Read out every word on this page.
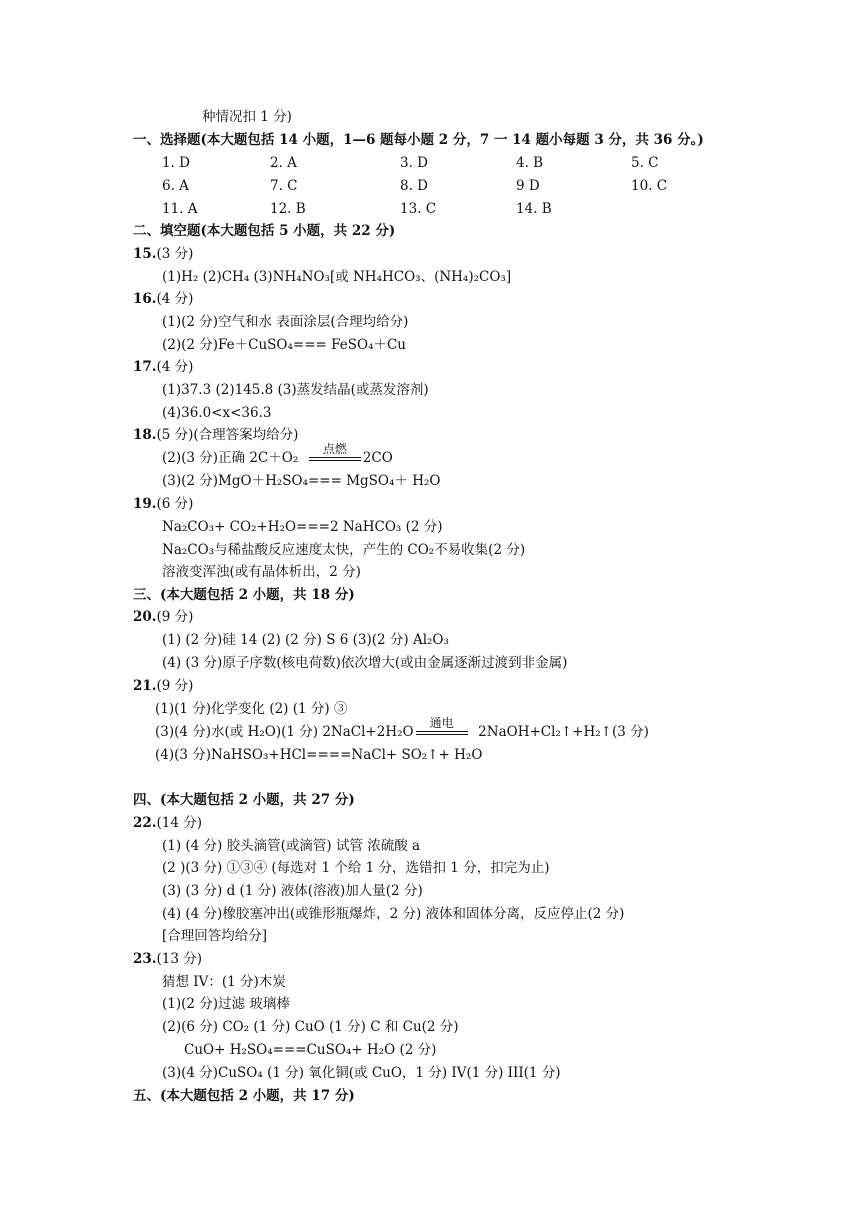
种情况扣 1 分)
一、选择题(本大题包括 14 小题，1—6 题每小题 2 分，7 一 14 题小每题 3 分，共 36 分。)
1. D	2. A	3. D	4. B	5. C
6. A	7. C	8. D	9 D	10. C
11. A	12. B	13. C	14. B
二、填空题(本大题包括 5 小题，共 22 分)
15.(3 分)
(1)H₂ (2)CH₄ (3)NH₄NO₃[或 NH₄HCO₃、(NH₄)₂CO₃]
16.(4 分)
(1)(2 分)空气和水 表面涂层(合理均给分)
(2)(2 分)Fe＋CuSO₄=== FeSO₄＋Cu
17.(4 分)
(1)37.3 (2)145.8 (3)蒸发结晶(或蒸发溶剂)
(4)36.0<x<36.3
18.(5 分)(合理答案均给分)
(2)(3 分)正确 2C＋O₂
点燃
2CO
(3)(2 分)MgO＋H₂SO₄=== MgSO₄＋ H₂O
19.(6 分)
Na₂CO₃+ CO₂+H₂O===2 NaHCO₃ (2 分)
Na₂CO₃与稀盐酸反应速度太快，产生的 CO₂不易收集(2 分)
溶液变浑浊(或有晶体析出，2 分)
三、(本大题包括 2 小题，共 18 分)
20.(9 分)
(1) (2 分)硅 14 (2) (2 分) S 6 (3)(2 分) Al₂O₃
(4) (3 分)原子序数(核电荷数)依次增大(或由金属逐渐过渡到非金属)
21.(9 分)
(1)(1 分)化学变化 (2) (1 分) ③
(3)(4 分)水(或 H₂O)(1 分) 2NaCl+2H₂O
通电
2NaOH+Cl₂↑+H₂↑(3 分)
(4)(3 分)NaHSO₃+HCl====NaCl+ SO₂↑+ H₂O
四、(本大题包括 2 小题，共 27 分)
22.(14 分)
(1) (4 分) 胶头滴管(或滴管) 试管 浓硫酸 a
(2 )(3 分) ①③④ (每选对 1 个给 1 分，选错扣 1 分，扣完为止)
(3) (3 分) d (1 分) 液体(溶液)加人量(2 分)
(4) (4 分)橡胶塞冲出(或锥形瓶爆炸，2 分) 液体和固体分离，反应停止(2 分)
[合理回答均给分]
23.(13 分)
猜想 IV：(1 分)木炭
(1)(2 分)过滤 玻璃棒
(2)(6 分) CO₂ (1 分) CuO (1 分) C 和 Cu(2 分)
CuO+ H₂SO₄===CuSO₄+ H₂O (2 分)
(3)(4 分)CuSO₄ (1 分) 氧化铜(或 CuO，1 分) IV(1 分) III(1 分)
五、(本大题包括 2 小题，共 17 分)
